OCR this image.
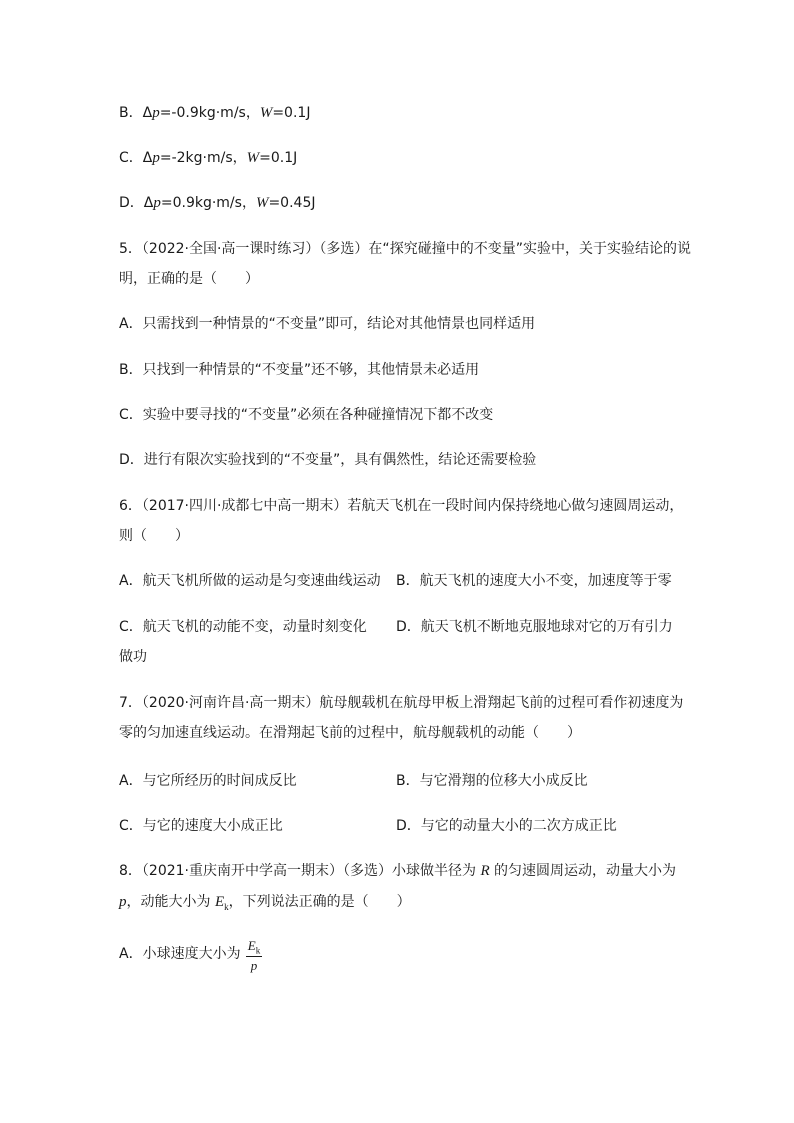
B．Δp=-0.9kg·m/s，W=0.1J
C．Δp=-2kg·m/s，W=0.1J
D．Δp=0.9kg·m/s，W=0.45J
5．（2022·全国·高一课时练习）（多选）在“探究碰撞中的不变量”实验中，关于实验结论的说
明，正确的是（　　）
A．只需找到一种情景的“不变量”即可，结论对其他情景也同样适用
B．只找到一种情景的“不变量”还不够，其他情景未必适用
C．实验中要寻找的“不变量”必须在各种碰撞情况下都不改变
D．进行有限次实验找到的“不变量”，具有偶然性，结论还需要检验
6．（2017·四川·成都七中高一期末）若航天飞机在一段时间内保持绕地心做匀速圆周运动，
则（　　）
A．航天飞机所做的运动是匀变速曲线运动 B．航天飞机的速度大小不变，加速度等于零
C．航天飞机的动能不变，动量时刻变化 D．航天飞机不断地克服地球对它的万有引力
做功
7．（2020·河南许昌·高一期末）航母舰载机在航母甲板上滑翔起飞前的过程可看作初速度为
零的匀加速直线运动。在滑翔起飞前的过程中，航母舰载机的动能（　　）
A．与它所经历的时间成反比	B．与它滑翔的位移大小成反比
C．与它的速度大小成正比	D．与它的动量大小的二次方成正比
8．（2021·重庆南开中学高一期末）（多选）小球做半径为 R 的匀速圆周运动，动量大小为
p，动能大小为 $E_k$，下列说法正确的是（　　）
A．小球速度大小为
$E_k$
p
